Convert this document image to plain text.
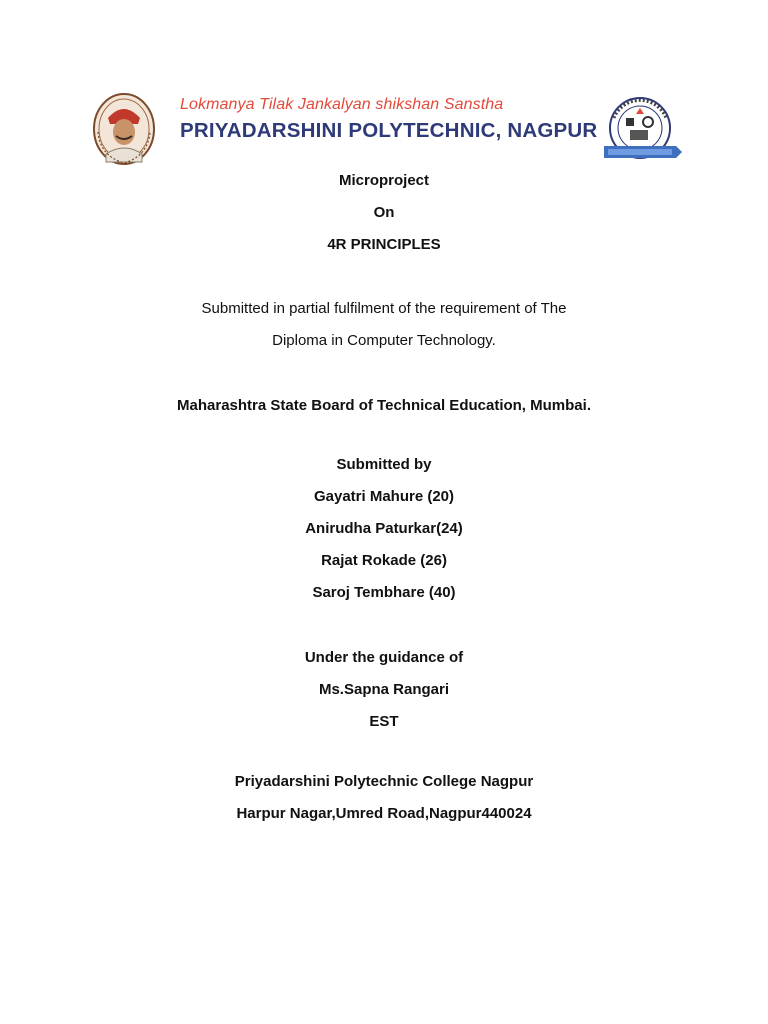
Lokmanya Tilak Jankalyan shikshan Sanstha
PRIYADARSHINI POLYTECHNIC, NAGPUR
Microproject
On
4R PRINCIPLES
Submitted in partial fulfilment of the requirement of The
Diploma in Computer Technology.
Maharashtra State Board of Technical Education, Mumbai.
Submitted by
Gayatri Mahure (20)
Anirudha Paturkar(24)
Rajat Rokade (26)
Saroj Tembhare (40)
Under the guidance of
Ms.Sapna Rangari
EST
Priyadarshini Polytechnic College Nagpur
Harpur Nagar,Umred Road,Nagpur440024
